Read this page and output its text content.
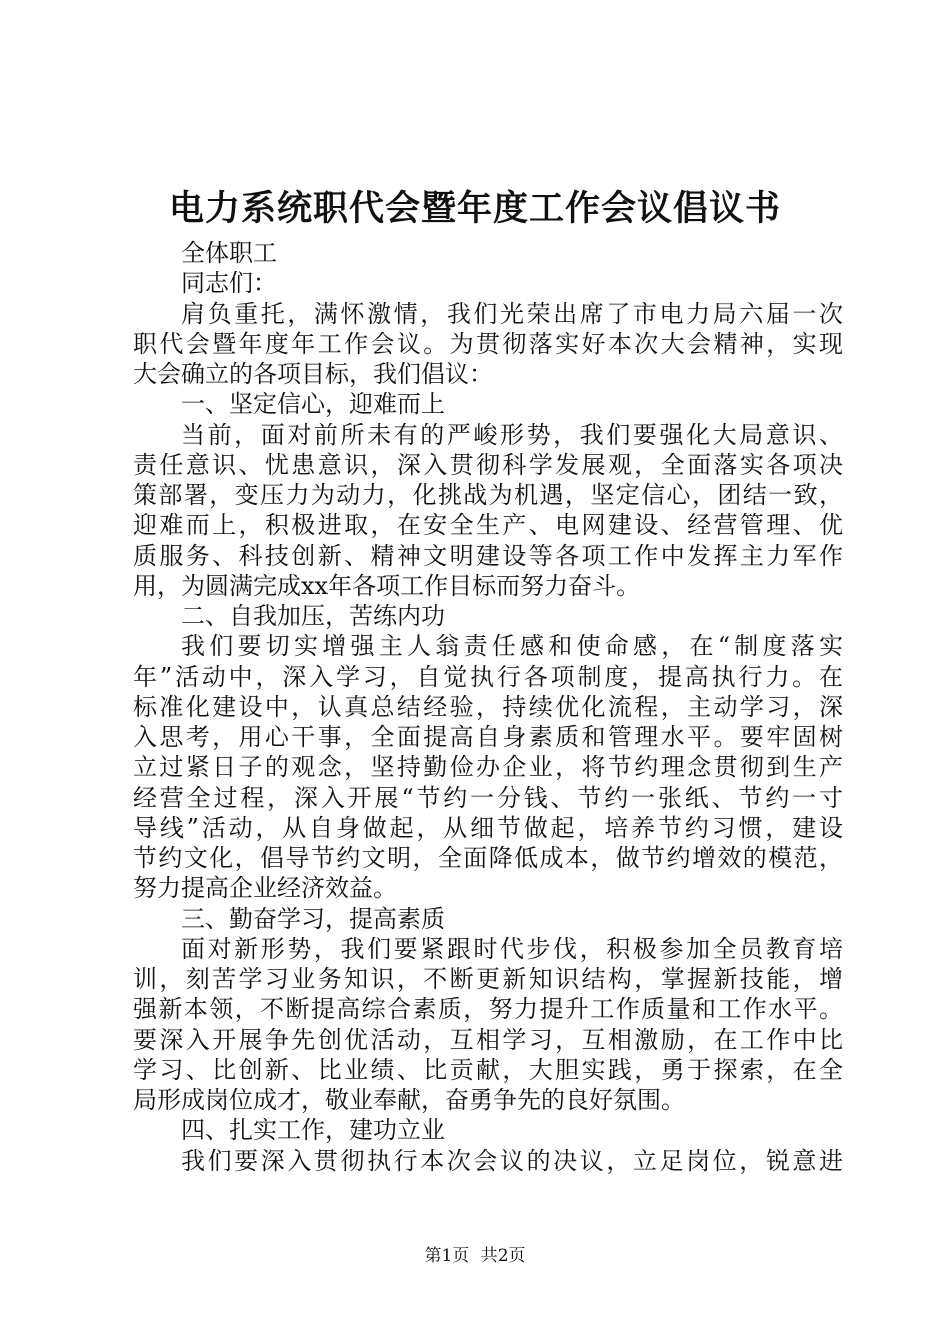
电力系统职代会暨年度工作会议倡议书
全体职工
同志们：
肩负重托，满怀激情，我们光荣出席了市电力局六届一次
职代会暨年度年工作会议。为贯彻落实好本次大会精神，实现
大会确立的各项目标，我们倡议：
一、坚定信心，迎难而上
当前，面对前所未有的严峻形势，我们要强化大局意识、
责任意识、忧患意识，深入贯彻科学发展观，全面落实各项决
策部署，变压力为动力，化挑战为机遇，坚定信心，团结一致，
迎难而上，积极进取，在安全生产、电网建设、经营管理、优
质服务、科技创新、精神文明建设等各项工作中发挥主力军作
用，为圆满完成xx年各项工作目标而努力奋斗。
二、自我加压，苦练内功
我们要切实增强主人翁责任感和使命感，在“制度落实
年”活动中，深入学习，自觉执行各项制度，提高执行力。在
标准化建设中，认真总结经验，持续优化流程，主动学习，深
入思考，用心干事，全面提高自身素质和管理水平。要牢固树
立过紧日子的观念，坚持勤俭办企业，将节约理念贯彻到生产
经营全过程，深入开展“节约一分钱、节约一张纸、节约一寸
导线”活动，从自身做起，从细节做起，培养节约习惯，建设
节约文化，倡导节约文明，全面降低成本，做节约增效的模范，
努力提高企业经济效益。
三、勤奋学习，提高素质
面对新形势，我们要紧跟时代步伐，积极参加全员教育培
训，刻苦学习业务知识，不断更新知识结构，掌握新技能，增
强新本领，不断提高综合素质，努力提升工作质量和工作水平。
要深入开展争先创优活动，互相学习，互相激励，在工作中比
学习、比创新、比业绩、比贡献，大胆实践，勇于探索，在全
局形成岗位成才，敬业奉献，奋勇争先的良好氛围。
四、扎实工作，建功立业
我们要深入贯彻执行本次会议的决议，立足岗位，锐意进
第1页 共2页
